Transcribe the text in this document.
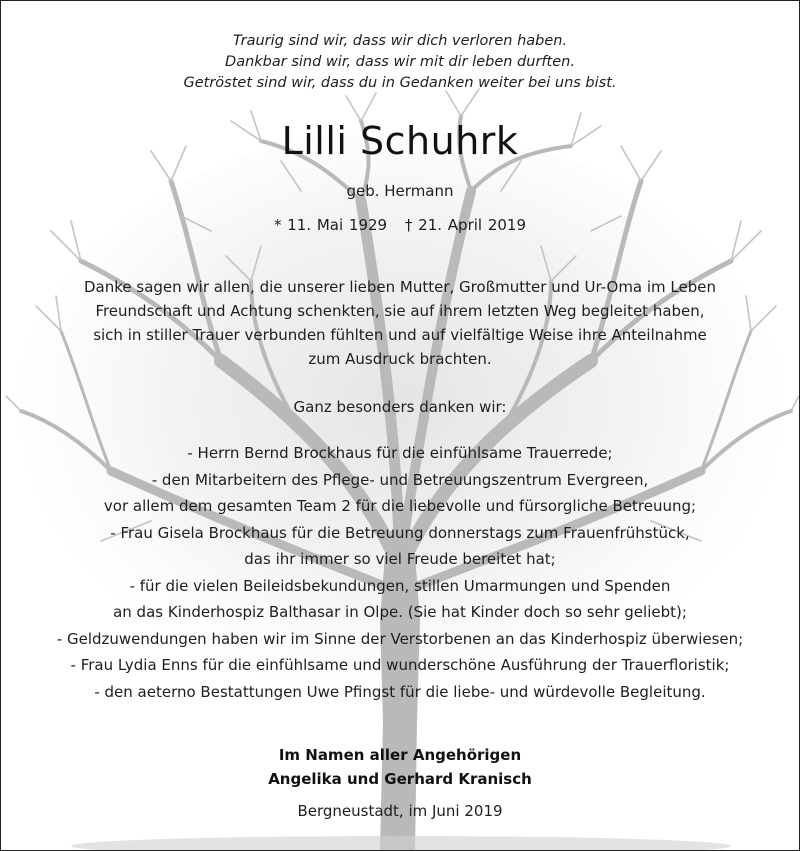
Traurig sind wir, dass wir dich verloren haben.
Dankbar sind wir, dass wir mit dir leben durften.
Getröstet sind wir, dass du in Gedanken weiter bei uns bist.
Lilli Schuhrk
geb. Hermann
* 11. Mai 1929 † 21. April 2019
Danke sagen wir allen, die unserer lieben Mutter, Großmutter und Ur-Oma im Leben
Freundschaft und Achtung schenkten, sie auf ihrem letzten Weg begleitet haben,
sich in stiller Trauer verbunden fühlten und auf vielfältige Weise ihre Anteilnahme
zum Ausdruck brachten.
Ganz besonders danken wir:
- Herrn Bernd Brockhaus für die einfühlsame Trauerrede;
- den Mitarbeitern des Pflege- und Betreuungszentrum Evergreen,
vor allem dem gesamten Team 2 für die liebevolle und fürsorgliche Betreuung;
- Frau Gisela Brockhaus für die Betreuung donnerstags zum Frauenfrühstück,
das ihr immer so viel Freude bereitet hat;
- für die vielen Beileidsbekundungen, stillen Umarmungen und Spenden
an das Kinderhospiz Balthasar in Olpe. (Sie hat Kinder doch so sehr geliebt);
- Geldzuwendungen haben wir im Sinne der Verstorbenen an das Kinderhospiz überwiesen;
- Frau Lydia Enns für die einfühlsame und wunderschöne Ausführung der Trauerfloristik;
- den aeterno Bestattungen Uwe Pfingst für die liebe- und würdevolle Begleitung.
Im Namen aller Angehörigen
Angelika und Gerhard Kranisch
Bergneustadt, im Juni 2019
